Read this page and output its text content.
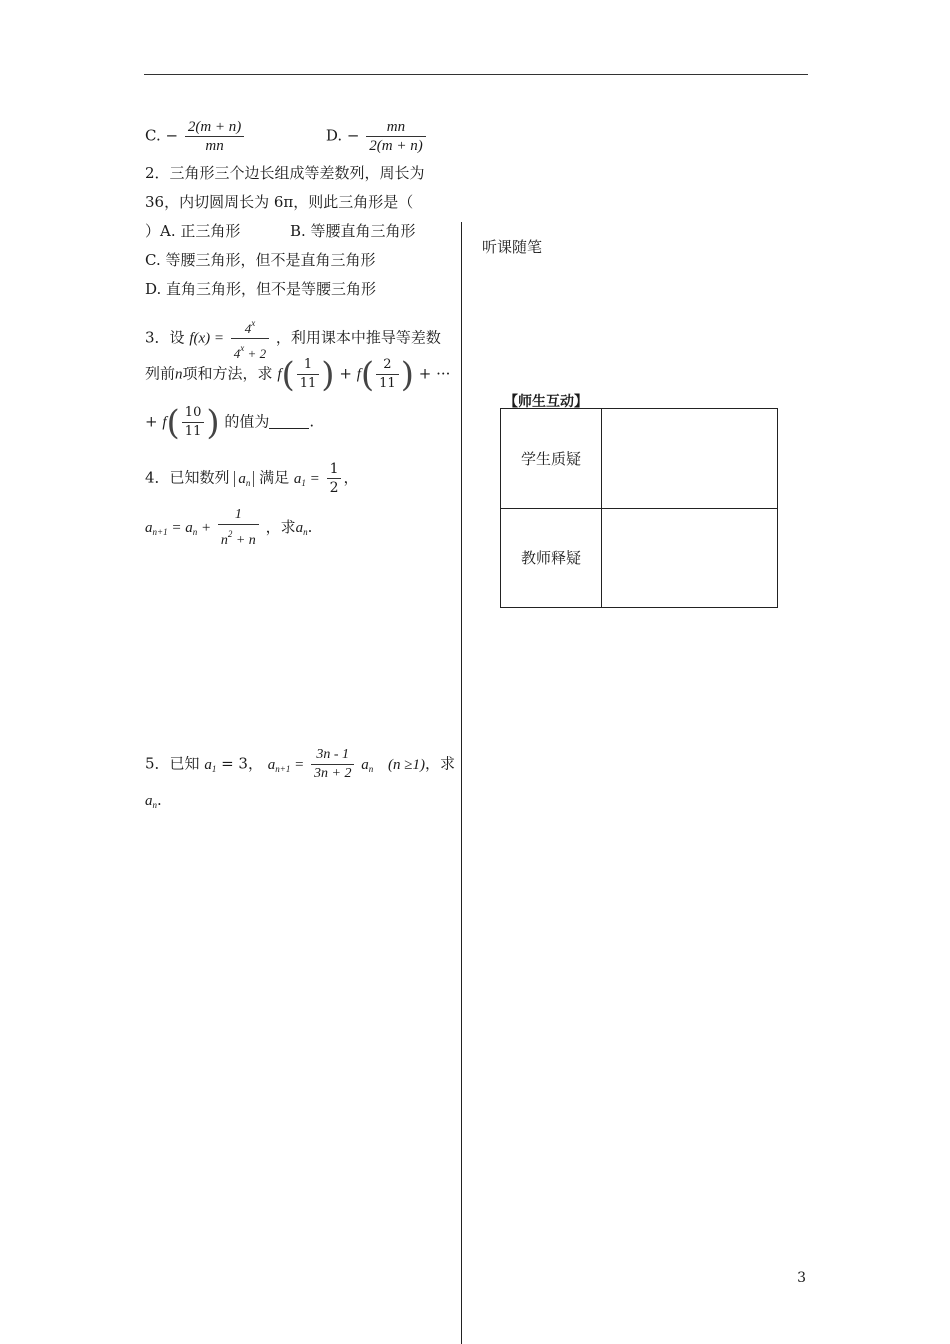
C. − $\frac{2(m + n)}{mn}$	D. − $\frac{mn}{2(m + n)}$
2．三角形三个边长组成等差数列，周长为
36，内切圆周长为 6π，则此三角形是（
）A. 正三角形	B. 等腰直角三角形
C. 等腰三角形，但不是直角三角形
D. 直角三角形，但不是等腰三角形
3．设 $f(x) = \frac{4^x}{4^x + 2}$ ，利用课本中推导等差数
列前n项和方法，求 $f( \frac{1}{11}$ ) + $f( \frac{2}{11}$ ) + ···
+ $f( \frac{10}{11}$ ) 的值为	.
4．已知数列 $a_n$ 满足 $a_1 = \frac{1}{2}$ ，
$a_{n+1} = a_n + \frac{1}{n^2 + n}$ ，求$a_n$.
5．已知 $a_1 = 3$， $a_{n+1} = \frac{3n - 1}{3n + 2} a_n$ (n ≥1)，求
$a_n$.
听课随笔
【师生互动】
学生质疑	
教师释疑	
3
